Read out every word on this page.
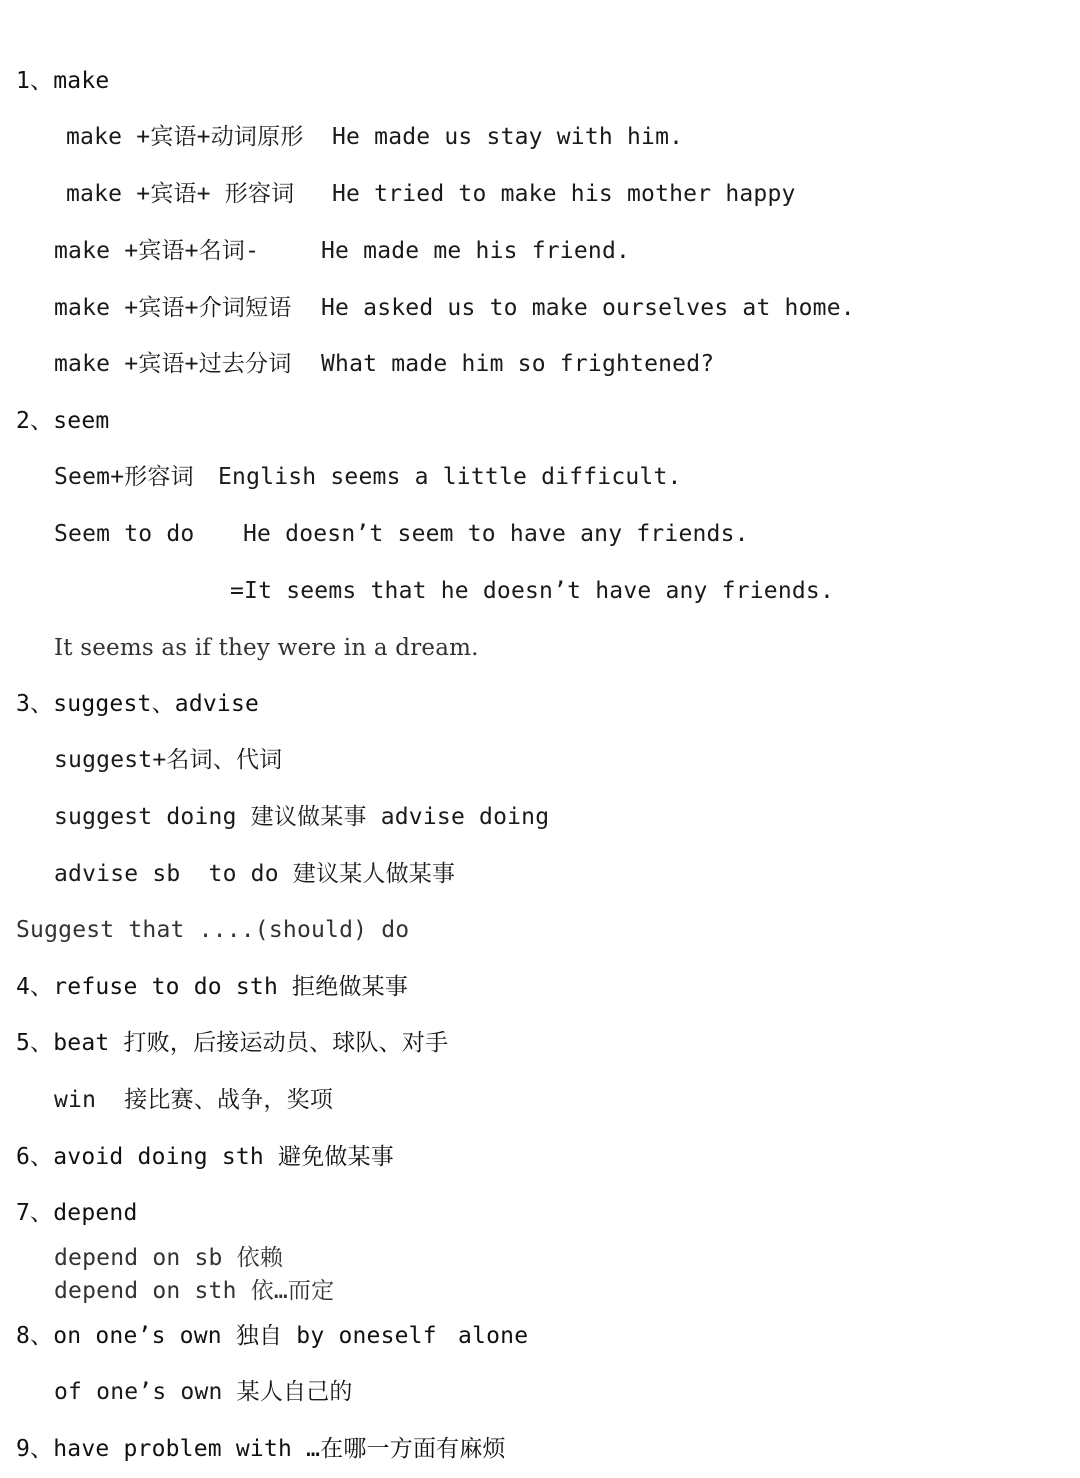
1、make
make +宾语+动词原形 He made us stay with him.
make +宾语+ 形容词 He tried to make his mother happy
make +宾语+名词-	He made me his friend.
make +宾语+介词短语 He asked us to make ourselves at home.
make +宾语+过去分词 What made him so frightened?
2、seem
Seem+形容词 English seems a little difficult.
Seem to do He doesn’t seem to have any friends.
=It seems that he doesn’t have any friends.
It seems as if they were in a dream.
3、suggest、advise
suggest+名词、代词
suggest doing 建议做某事 advise doing
advise sb  to do 建议某人做某事
Suggest that ....(should) do
4、refuse to do sth 拒绝做某事
5、beat 打败，后接运动员、球队、对手
win  接比赛、战争，奖项
6、avoid doing sth 避免做某事
7、depend
depend on sb 依赖
depend on sth 依…而定
8、on one’s own 独自 by oneself alone
of one’s own 某人自己的
9、have problem with …在哪一方面有麻烦
